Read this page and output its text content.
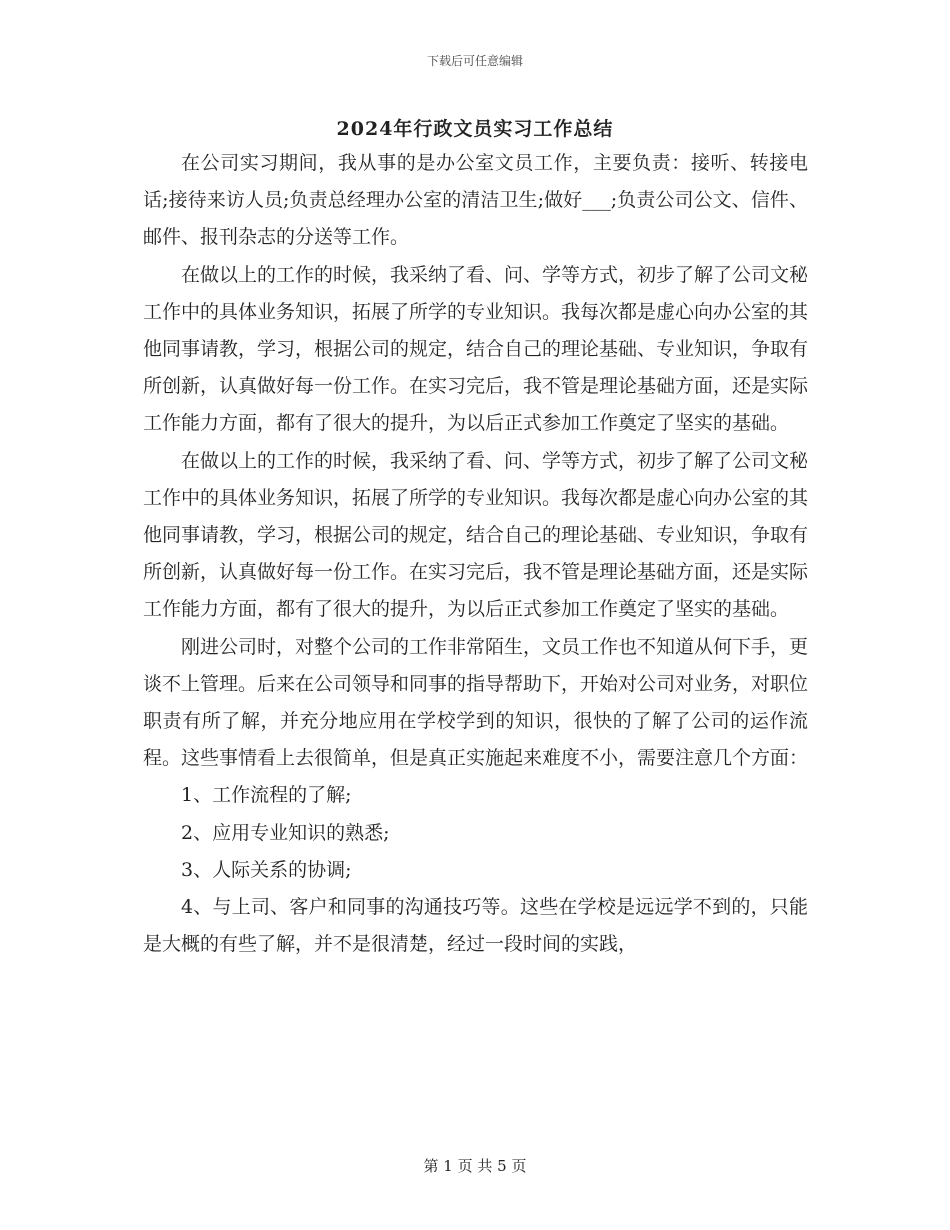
下载后可任意编辑
2024年行政文员实习工作总结

在公司实习期间，我从事的是办公室文员工作，主要负责：接听、转接电话;接待来访人员;负责总经理办公室的清洁卫生;做好___;负责公司公文、信件、邮件、报刊杂志的分送等工作。

在做以上的工作的时候，我采纳了看、问、学等方式，初步了解了公司文秘工作中的具体业务知识，拓展了所学的专业知识。我每次都是虚心向办公室的其他同事请教，学习，根据公司的规定，结合自己的理论基础、专业知识，争取有所创新，认真做好每一份工作。在实习完后，我不管是理论基础方面，还是实际工作能力方面，都有了很大的提升，为以后正式参加工作奠定了坚实的基础。

在做以上的工作的时候，我采纳了看、问、学等方式，初步了解了公司文秘工作中的具体业务知识，拓展了所学的专业知识。我每次都是虚心向办公室的其他同事请教，学习，根据公司的规定，结合自己的理论基础、专业知识，争取有所创新，认真做好每一份工作。在实习完后，我不管是理论基础方面，还是实际工作能力方面，都有了很大的提升，为以后正式参加工作奠定了坚实的基础。

刚进公司时，对整个公司的工作非常陌生，文员工作也不知道从何下手，更谈不上管理。后来在公司领导和同事的指导帮助下，开始对公司对业务，对职位职责有所了解，并充分地应用在学校学到的知识，很快的了解了公司的运作流程。这些事情看上去很简单，但是真正实施起来难度不小，需要注意几个方面：

1、工作流程的了解;

2、应用专业知识的熟悉;

3、人际关系的协调;

4、与上司、客户和同事的沟通技巧等。这些在学校是远远学不到的，只能是大概的有些了解，并不是很清楚，经过一段时间的实践，

第 1 页 共 5 页
